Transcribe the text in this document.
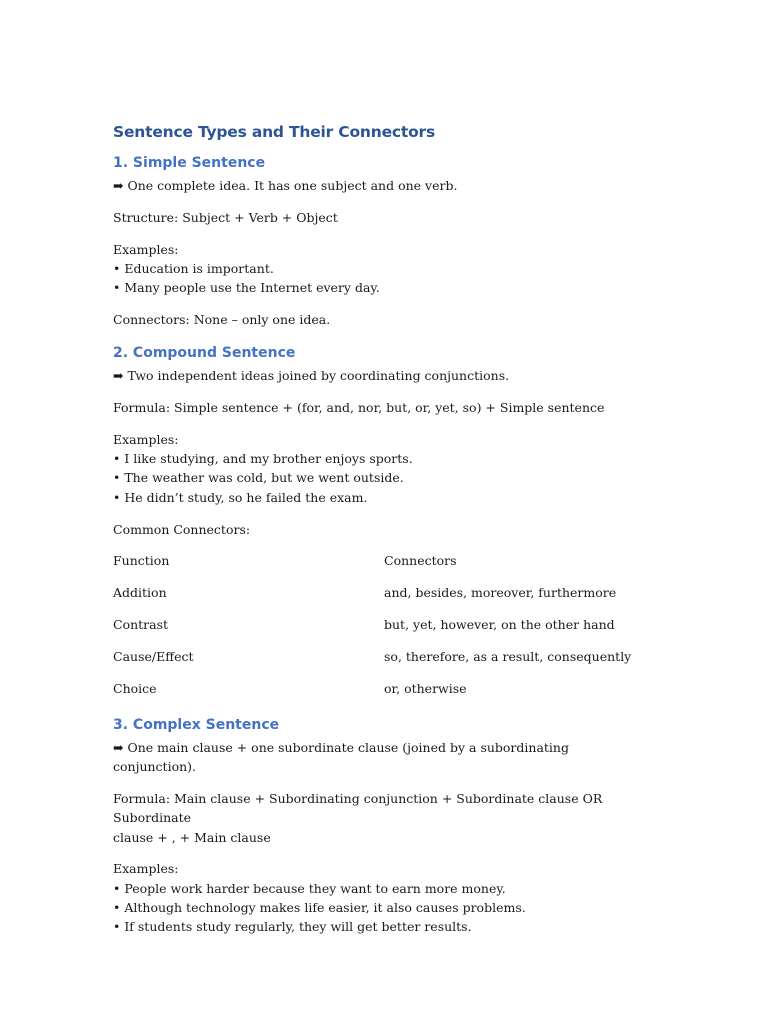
Sentence Types and Their Connectors
1. Simple Sentence
➡ One complete idea. It has one subject and one verb.
Structure: Subject + Verb + Object
Examples:
• Education is important.
• Many people use the Internet every day.
Connectors: None – only one idea.
2. Compound Sentence
➡ Two independent ideas joined by coordinating conjunctions.
Formula: Simple sentence + (for, and, nor, but, or, yet, so) + Simple sentence
Examples:
• I like studying, and my brother enjoys sports.
• The weather was cold, but we went outside.
• He didn’t study, so he failed the exam.
Common Connectors:
Function	Connectors
Addition	and, besides, moreover, furthermore
Contrast	but, yet, however, on the other hand
Cause/Effect	so, therefore, as a result, consequently
Choice	or, otherwise
3. Complex Sentence
➡ One main clause + one subordinate clause (joined by a subordinating conjunction).
Formula: Main clause + Subordinating conjunction + Subordinate clause OR Subordinate
clause + , + Main clause
Examples:
• People work harder because they want to earn more money.
• Although technology makes life easier, it also causes problems.
• If students study regularly, they will get better results.
